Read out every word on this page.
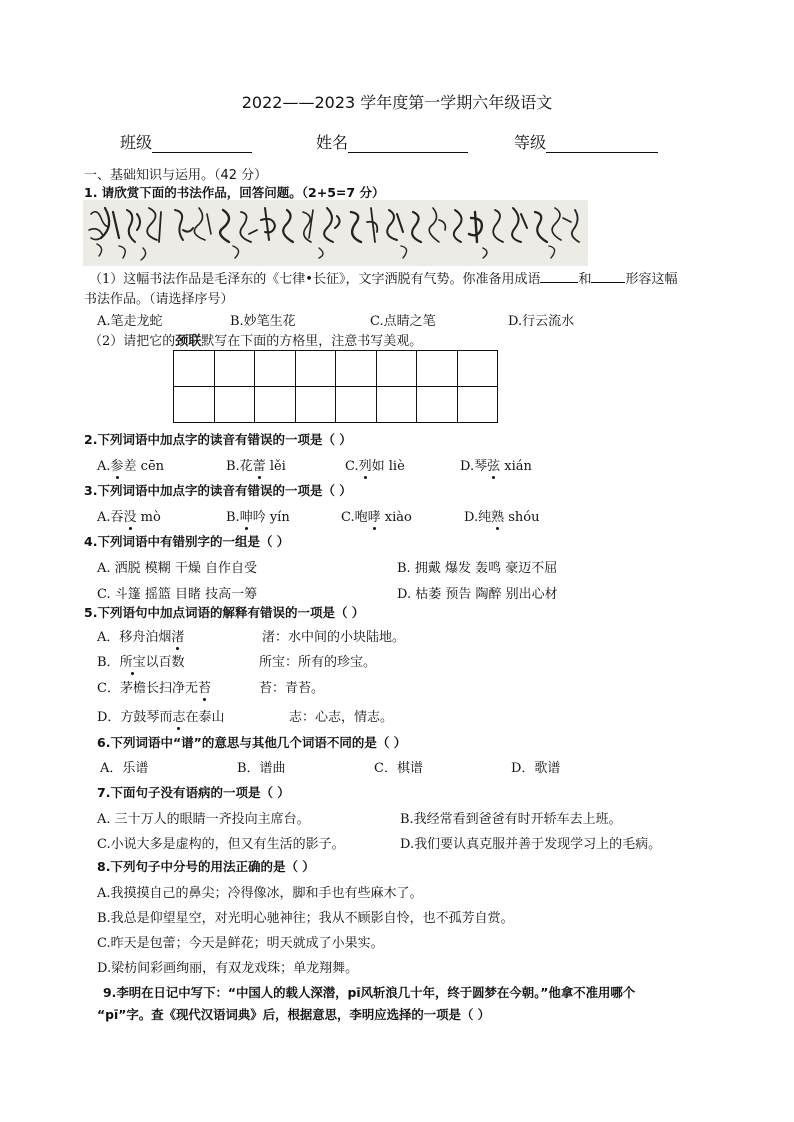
2022——2023 学年度第一学期六年级语文
班级	姓名	等级
一、基础知识与运用。（42 分）
1. 请欣赏下面的书法作品，回答问题。（2+5=7 分）
（1）这幅书法作品是毛泽东的《七律•长征》，文字洒脱有气势。你准备用成语	和	形容这幅
书法作品。（请选择序号）
A.笔走龙蛇	B.妙笔生花	C.点睛之笔	D.行云流水
（2）请把它的颈联默写在下面的方格里，注意书写美观。

2.下列词语中加点字的读音有错误的一项是（ ）
A.参差 cēn	B.花蕾 lěi	C.列如 liè	D.琴弦 xián
3.下列词语中加点字的读音有错误的一项是（ ）
A.吞没 mò	B.呻吟 yín	C.咆哮 xiào	D.纯熟 shóu
4.下列词语中有错别字的一组是（ ）
A. 洒脱 模糊 干燥 自作自受	B. 拥戴 爆发 轰鸣 豪迈不屈
C. 斗篷 摇篮 目睹 技高一筹	D. 枯萎 预告 陶醉 别出心材
5.下列语句中加点词语的解释有错误的一项是（ ）
A．移舟泊烟渚	渚：水中间的小块陆地。
B．所宝以百数	所宝：所有的珍宝。
C．茅檐长扫净无苔	苔：青苔。
D．方鼓琴而志在泰山	志：心志，情志。
6.下列词语中“谱”的意思与其他几个词语不同的是（ ）
A．乐谱	B．谱曲	C．棋谱	D．歌谱
7.下面句子没有语病的一项是（ ）
A. 三十万人的眼睛一齐投向主席台。	B.我经常看到爸爸有时开轿车去上班。
C.小说大多是虚构的，但又有生活的影子。	D.我们要认真克服并善于发现学习上的毛病。
8.下列句子中分号的用法正确的是（ ）
A.我摸摸自己的鼻尖；冷得像冰，脚和手也有些麻木了。
B.我总是仰望星空，对光明心驰神往；我从不顾影自怜，也不孤芳自赏。
C.昨天是包蕾；今天是鲜花；明天就成了小果实。
D.梁枋间彩画绚丽，有双龙戏珠；单龙翔舞。
9.李明在日记中写下：“中国人的载人深潜，pī风斩浪几十年，终于圆梦在今朝。”他拿不准用哪个
“pī”字。查《现代汉语词典》后，根据意思，李明应选择的一项是（ ）
